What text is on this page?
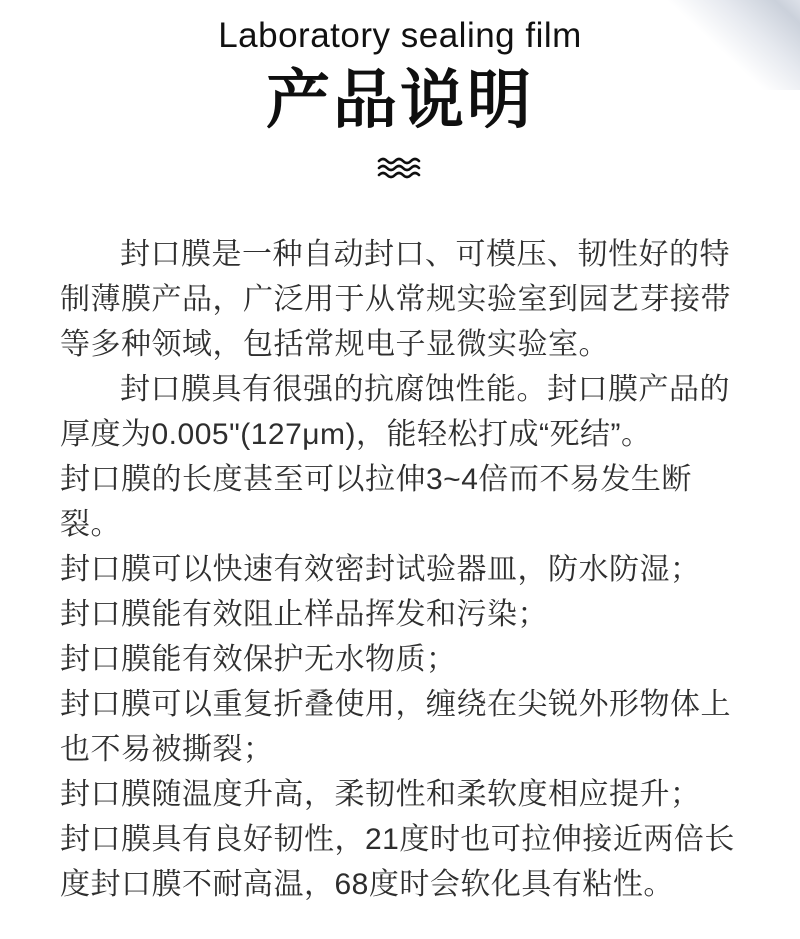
Laboratory sealing film
产品说明

封口膜是一种自动封口、可模压、韧性好的特制薄膜产品，广泛用于从常规实验室到园艺芽接带等多种领域，包括常规电子显微实验室。

封口膜具有很强的抗腐蚀性能。封口膜产品的厚度为0.005"(127μm)，能轻松打成“死结”。

封口膜的长度甚至可以拉伸3~4倍而不易发生断裂。

封口膜可以快速有效密封试验器皿，防水防湿；

封口膜能有效阻止样品挥发和污染；

封口膜能有效保护无水物质；

封口膜可以重复折叠使用，缠绕在尖锐外形物体上也不易被撕裂；

封口膜随温度升高，柔韧性和柔软度相应提升；

封口膜具有良好韧性，21度时也可拉伸接近两倍长度封口膜不耐高温，68度时会软化具有粘性。
